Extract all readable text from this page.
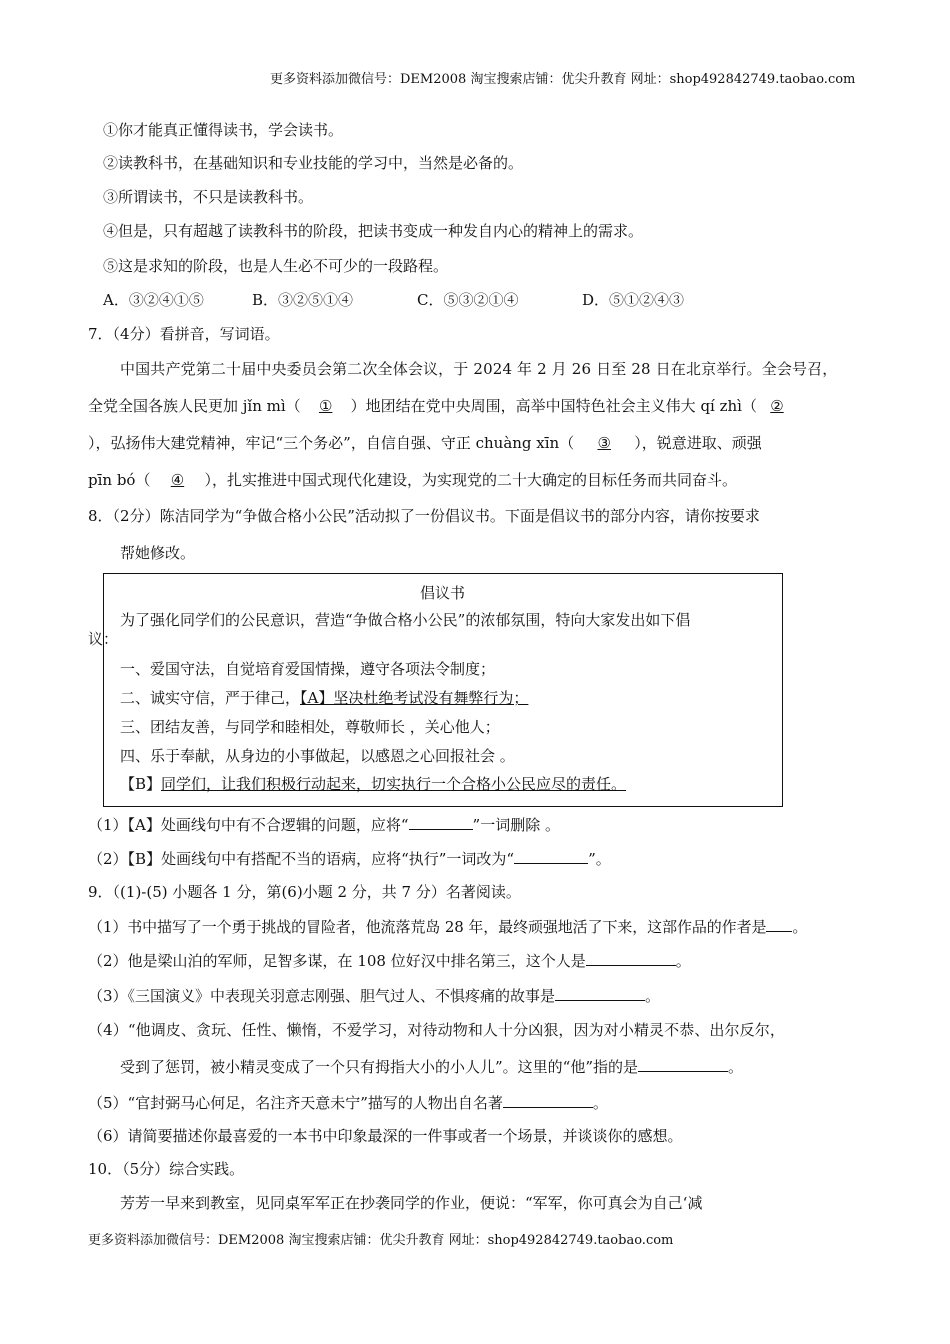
更多资料添加微信号：DEM2008 淘宝搜索店铺：优尖升教育 网址：shop492842749.taobao.com
①你才能真正懂得读书，学会读书。
②读教科书，在基础知识和专业技能的学习中，当然是必备的。
③所谓读书，不只是读教科书。
④但是，只有超越了读教科书的阶段，把读书变成一种发自内心的精神上的需求。
⑤这是求知的阶段，也是人生必不可少的一段路程。
A．③②④①⑤	B．③②⑤①④	C．⑤③②①④	D．⑤①②④③
7．（4分）看拼音，写词语。
中国共产党第二十届中央委员会第二次全体会议，于 2024 年 2 月 26 日至 28 日在北京举行。全会号召，
全党全国各族人民更加 jǐn mì（ ① ）地团结在党中央周围，高举中国特色社会主义伟大 qí zhì（ ②
），弘扬伟大建党精神，牢记“三个务必”，自信自强、守正 chuàng xīn（ ③ ），锐意进取、顽强
pīn bó（ ④ ），扎实推进中国式现代化建设，为实现党的二十大确定的目标任务而共同奋斗。
8．（2分）陈洁同学为“争做合格小公民”活动拟了一份倡议书。下面是倡议书的部分内容，请你按要求
帮她修改。
倡议书
为了强化同学们的公民意识，营造“争做合格小公民”的浓郁氛围，特向大家发出如下倡
议：
一、爱国守法，自觉培育爱国情操，遵守各项法令制度；
二、诚实守信，严于律己，【A】坚决杜绝考试没有舞弊行为；
三、团结友善，与同学和睦相处，尊敬师长 ，关心他人；
四、乐于奉献，从身边的小事做起，以感恩之心回报社会 。
【B】同学们，让我们积极行动起来，切实执行一个合格小公民应尽的责任。
（1）【A】处画线句中有不合逻辑的问题，应将“	”一词删除 。
（2）【B】处画线句中有搭配不当的语病，应将“执行”一词改为“	”。
9．（(1)-(5) 小题各 1 分，第(6)小题 2 分，共 7 分）名著阅读。
（1）书中描写了一个勇于挑战的冒险者，他流落荒岛 28 年，最终顽强地活了下来，这部作品的作者是 。
（2）他是梁山泊的军师，足智多谋，在 108 位好汉中排名第三，这个人是	。
（3）《三国演义》中表现关羽意志刚强、胆气过人、不惧疼痛的故事是	。
（4）“他调皮、贪玩、任性、懒惰，不爱学习，对待动物和人十分凶狠，因为对小精灵不恭、出尔反尔，
受到了惩罚，被小精灵变成了一个只有拇指大小的小人儿”。这里的“他”指的是	。
（5）“官封弼马心何足，名注齐天意未宁”描写的人物出自名著	。
（6）请简要描述你最喜爱的一本书中印象最深的一件事或者一个场景，并谈谈你的感想。
10．（5分）综合实践。
芳芳一早来到教室，见同桌军军正在抄袭同学的作业，便说：“军军，你可真会为自己‘减
更多资料添加微信号：DEM2008 淘宝搜索店铺：优尖升教育 网址：shop492842749.taobao.com
